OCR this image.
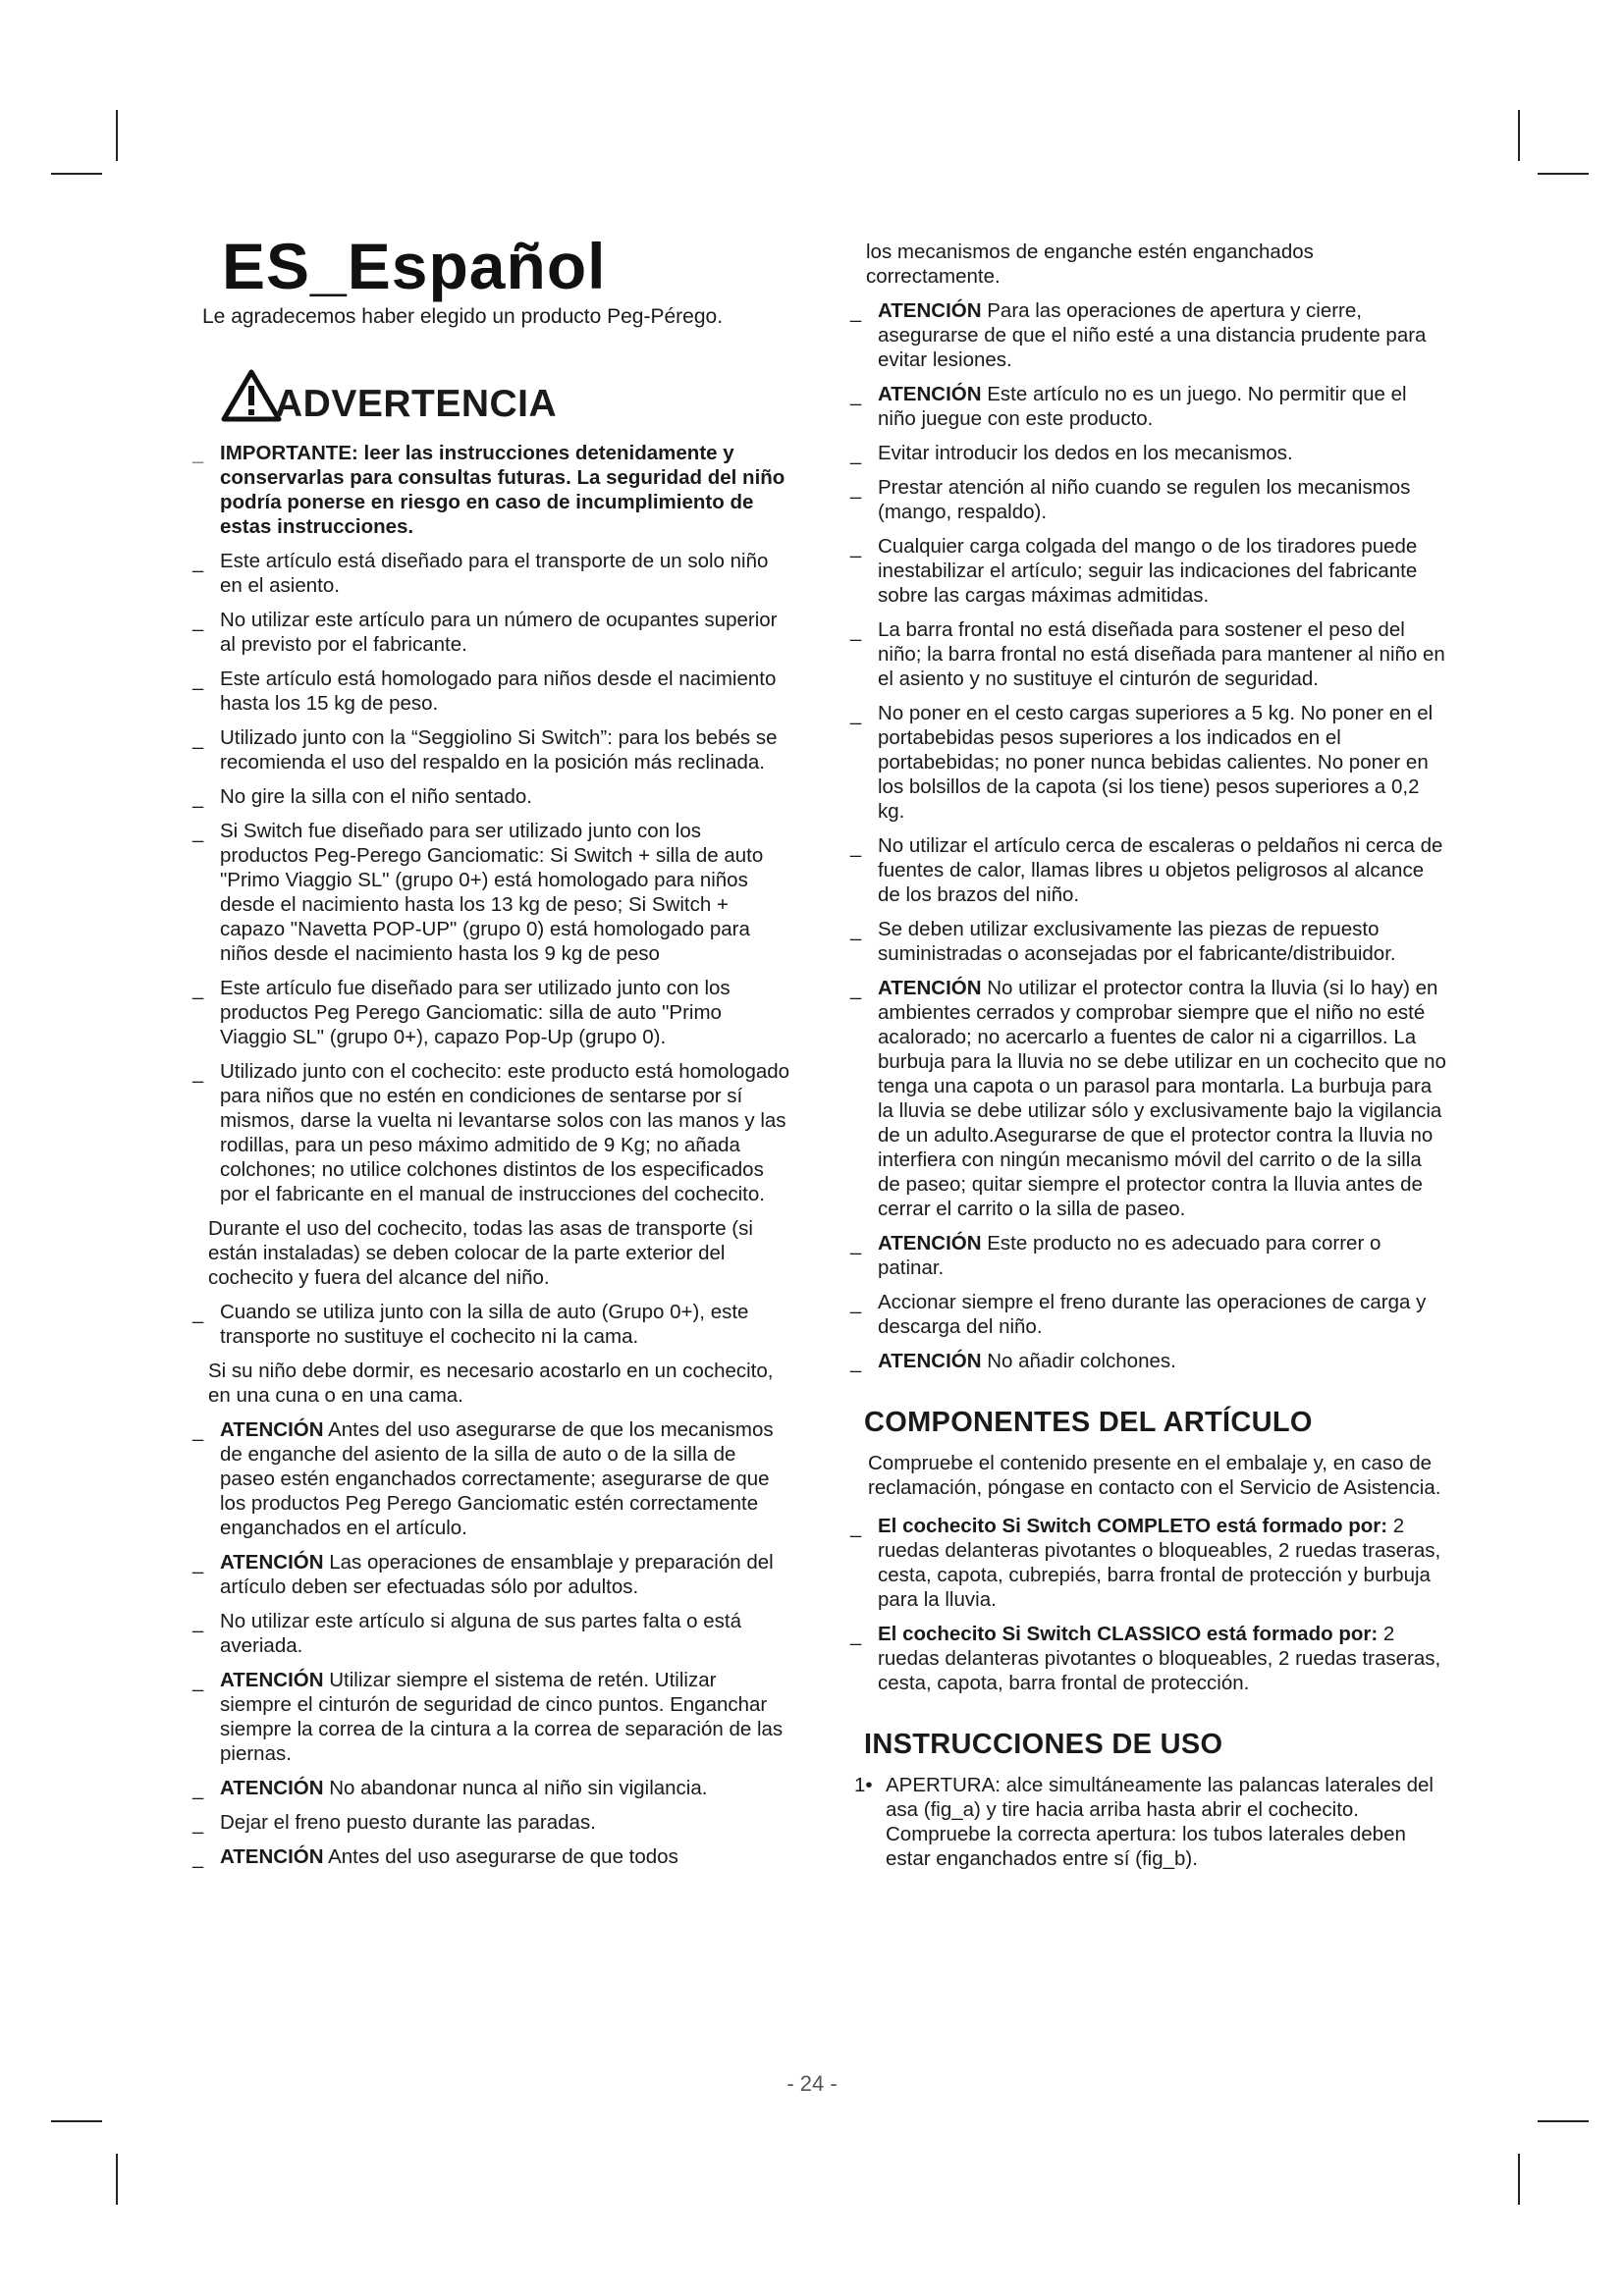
ES_Español
Le agradecemos haber elegido un producto Peg-Pérego.
ADVERTENCIA
_ IMPORTANTE: leer las instrucciones detenidamente y conservarlas para consultas futuras. La seguridad del niño podría ponerse en riesgo en caso de incumplimiento de estas instrucciones.
_ Este artículo está diseñado para el transporte de un solo niño en el asiento.
_ No utilizar este artículo para un número de ocupantes superior al previsto por el fabricante.
_ Este artículo está homologado para niños desde el nacimiento hasta los 15 kg de peso.
_ Utilizado junto con la “Seggiolino Si Switch”: para los bebés se recomienda el uso del respaldo en la posición más reclinada.
_ No gire la silla con el niño sentado.
_ Si Switch fue diseñado para ser utilizado junto con los productos Peg-Perego Ganciomatic: Si Switch + silla de auto "Primo Viaggio SL" (grupo 0+) está homologado para niños desde el nacimiento hasta los 13 kg de peso; Si Switch + capazo "Navetta POP-UP" (grupo 0) está homologado para niños desde el nacimiento hasta los 9 kg de peso
_ Este artículo fue diseñado para ser utilizado junto con los productos Peg Perego Ganciomatic: silla de auto "Primo Viaggio SL" (grupo 0+), capazo Pop-Up (grupo 0).
_ Utilizado junto con el cochecito: este producto está homologado para niños que no estén en condiciones de sentarse por sí mismos, darse la vuelta ni levantarse solos con las manos y las rodillas, para un peso máximo admitido de 9 Kg; no añada colchones; no utilice colchones distintos de los especificados por el fabricante en el manual de instrucciones del cochecito.
Durante el uso del cochecito, todas las asas de transporte (si están instaladas) se deben colocar de la parte exterior del cochecito y fuera del alcance del niño.
_ Cuando se utiliza junto con la silla de auto (Grupo 0+), este transporte no sustituye el cochecito ni la cama.
Si su niño debe dormir, es necesario acostarlo en un cochecito, en una cuna o en una cama.
_ ATENCIÓN Antes del uso asegurarse de que los mecanismos de enganche del asiento de la silla de auto o de la silla de paseo estén enganchados correctamente; asegurarse de que los productos Peg Perego Ganciomatic estén correctamente enganchados en el artículo.
_ ATENCIÓN Las operaciones de ensamblaje y preparación del artículo deben ser efectuadas sólo por adultos.
_ No utilizar este artículo si alguna de sus partes falta o está averiada.
_ ATENCIÓN Utilizar siempre el sistema de retén. Utilizar siempre el cinturón de seguridad de cinco puntos. Enganchar siempre la correa de la cintura a la correa de separación de las piernas.
_ ATENCIÓN No abandonar nunca al niño sin vigilancia.
_ Dejar el freno puesto durante las paradas.
_ ATENCIÓN Antes del uso asegurarse de que todos
los mecanismos de enganche estén enganchados correctamente.
_ ATENCIÓN Para las operaciones de apertura y cierre, asegurarse de que el niño esté a una distancia prudente para evitar lesiones.
_ ATENCIÓN Este artículo no es un juego. No permitir que el niño juegue con este producto.
_ Evitar introducir los dedos en los mecanismos.
_ Prestar atención al niño cuando se regulen los mecanismos (mango, respaldo).
_ Cualquier carga colgada del mango o de los tiradores puede inestabilizar el artículo; seguir las indicaciones del fabricante sobre las cargas máximas admitidas.
_ La barra frontal no está diseñada para sostener el peso del niño; la barra frontal no está diseñada para mantener al niño en el asiento y no sustituye el cinturón de seguridad.
_ No poner en el cesto cargas superiores a 5 kg. No poner en el portabebidas pesos superiores a los indicados en el portabebidas; no poner nunca bebidas calientes. No poner en los bolsillos de la capota (si los tiene) pesos superiores a 0,2 kg.
_ No utilizar el artículo cerca de escaleras o peldaños ni cerca de fuentes de calor, llamas libres u objetos peligrosos al alcance de los brazos del niño.
_ Se deben utilizar exclusivamente las piezas de repuesto suministradas o aconsejadas por el fabricante/distribuidor.
_ ATENCIÓN No utilizar el protector contra la lluvia (si lo hay) en ambientes cerrados y comprobar siempre que el niño no esté acalorado; no acercarlo a fuentes de calor ni a cigarrillos. La burbuja para la lluvia no se debe utilizar en un cochecito que no tenga una capota o un parasol para montarla. La burbuja para la lluvia se debe utilizar sólo y exclusivamente bajo la vigilancia de un adulto.Asegurarse de que el protector contra la lluvia no interfiera con ningún mecanismo móvil del carrito o de la silla de paseo; quitar siempre el protector contra la lluvia antes de cerrar el carrito o la silla de paseo.
_ ATENCIÓN Este producto no es adecuado para correr o patinar.
_ Accionar siempre el freno durante las operaciones de carga y descarga del niño.
_ ATENCIÓN No añadir colchones.
COMPONENTES DEL ARTÍCULO
Compruebe el contenido presente en el embalaje y, en caso de reclamación, póngase en contacto con el Servicio de Asistencia.
_ El cochecito Si Switch COMPLETO está formado por: 2 ruedas delanteras pivotantes o bloqueables, 2 ruedas traseras, cesta, capota, cubrepiés, barra frontal de protección y burbuja para la lluvia.
_ El cochecito Si Switch CLASSICO está formado por: 2 ruedas delanteras pivotantes o bloqueables, 2 ruedas traseras, cesta, capota, barra frontal de protección.
INSTRUCCIONES DE USO
1• APERTURA: alce simultáneamente las palancas laterales del asa (fig_a) y tire hacia arriba hasta abrir el cochecito. Compruebe la correcta apertura: los tubos laterales deben estar enganchados entre sí (fig_b).
- 24 -
